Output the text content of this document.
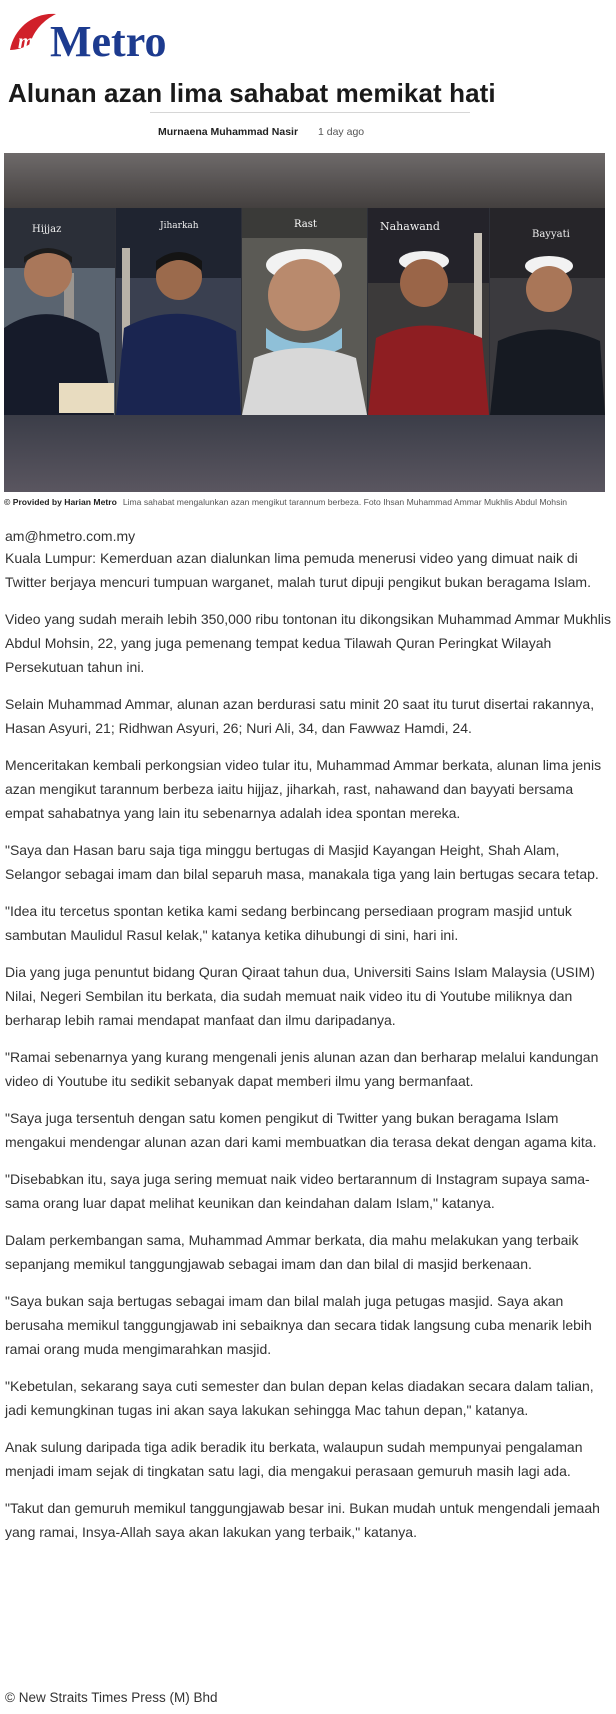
my Metro
Alunan azan lima sahabat memikat hati
Murnaena Muhammad Nasir 1 day ago
Hijjaz	Jiharkah	Rast	Nahawand
Bayyati
© Provided by Harian Metro Lima sahabat mengalunkan azan mengikut tarannum berbeza. Foto Ihsan Muhammad Ammar Mukhlis Abdul Mohsin
am@hmetro.com.my

Kuala Lumpur: Kemerduan azan dialunkan lima pemuda menerusi video yang dimuat naik di Twitter berjaya mencuri tumpuan warganet, malah turut dipuji pengikut bukan beragama Islam.

Video yang sudah meraih lebih 350,000 ribu tontonan itu dikongsikan Muhammad Ammar Mukhlis Abdul Mohsin, 22, yang juga pemenang tempat kedua Tilawah Quran Peringkat Wilayah Persekutuan tahun ini.

Selain Muhammad Ammar, alunan azan berdurasi satu minit 20 saat itu turut disertai rakannya, Hasan Asyuri, 21; Ridhwan Asyuri, 26; Nuri Ali, 34, dan Fawwaz Hamdi, 24.

Menceritakan kembali perkongsian video tular itu, Muhammad Ammar berkata, alunan lima jenis azan mengikut tarannum berbeza iaitu hijjaz, jiharkah, rast, nahawand dan bayyati bersama empat sahabatnya yang lain itu sebenarnya adalah idea spontan mereka.

"Saya dan Hasan baru saja tiga minggu bertugas di Masjid Kayangan Height, Shah Alam, Selangor sebagai imam dan bilal separuh masa, manakala tiga yang lain bertugas secara tetap.

"Idea itu tercetus spontan ketika kami sedang berbincang persediaan program masjid untuk sambutan Maulidul Rasul kelak," katanya ketika dihubungi di sini, hari ini.

Dia yang juga penuntut bidang Quran Qiraat tahun dua, Universiti Sains Islam Malaysia (USIM) Nilai, Negeri Sembilan itu berkata, dia sudah memuat naik video itu di Youtube miliknya dan berharap lebih ramai mendapat manfaat dan ilmu daripadanya.

"Ramai sebenarnya yang kurang mengenali jenis alunan azan dan berharap melalui kandungan video di Youtube itu sedikit sebanyak dapat memberi ilmu yang bermanfaat.

"Saya juga tersentuh dengan satu komen pengikut di Twitter yang bukan beragama Islam mengakui mendengar alunan azan dari kami membuatkan dia terasa dekat dengan agama kita.

"Disebabkan itu, saya juga sering memuat naik video bertarannum di Instagram supaya sama-sama orang luar dapat melihat keunikan dan keindahan dalam Islam," katanya.

Dalam perkembangan sama, Muhammad Ammar berkata, dia mahu melakukan yang terbaik sepanjang memikul tanggungjawab sebagai imam dan dan bilal di masjid berkenaan.

"Saya bukan saja bertugas sebagai imam dan bilal malah juga petugas masjid. Saya akan berusaha memikul tanggungjawab ini sebaiknya dan secara tidak langsung cuba menarik lebih ramai orang muda mengimarahkan masjid.

"Kebetulan, sekarang saya cuti semester dan bulan depan kelas diadakan secara dalam talian, jadi kemungkinan tugas ini akan saya lakukan sehingga Mac tahun depan," katanya.

Anak sulung daripada tiga adik beradik itu berkata, walaupun sudah mempunyai pengalaman menjadi imam sejak di tingkatan satu lagi, dia mengakui perasaan gemuruh masih lagi ada.

"Takut dan gemuruh memikul tanggungjawab besar ini. Bukan mudah untuk mengendali jemaah yang ramai, Insya-Allah saya akan lakukan yang terbaik," katanya.

© New Straits Times Press (M) Bhd
